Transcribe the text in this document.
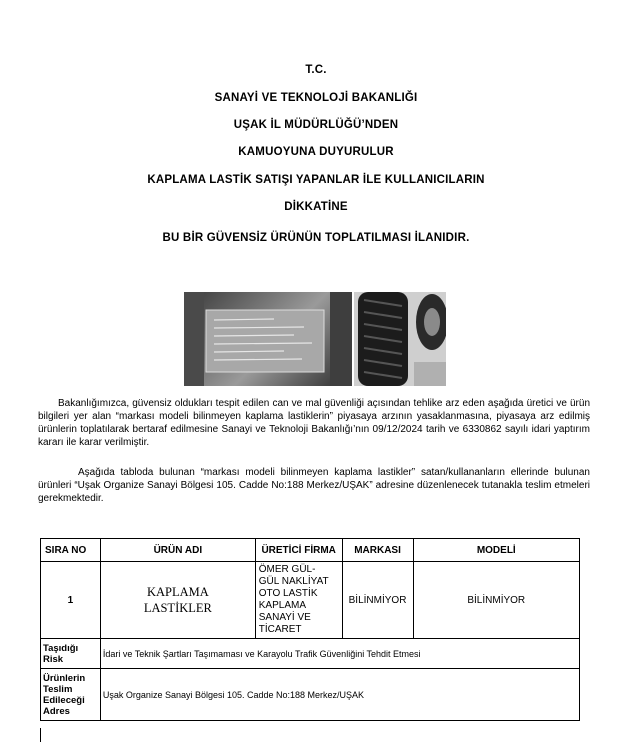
T.C.
SANAYİ VE TEKNOLOJİ BAKANLIĞI
UŞAK İL MÜDÜRLÜĞÜ’NDEN
KAMUOYUNA DUYURULUR
KAPLAMA LASTİK SATIŞI YAPANLAR İLE KULLANICILARIN
DİKKATİNE
BU BİR GÜVENSİZ ÜRÜNÜN TOPLATILMASI İLANIDIR.
Bakanlığımızca, güvensiz oldukları tespit edilen can ve mal güvenliği açısından tehlike arz eden aşağıda üretici ve ürün bilgileri yer alan “markası modeli bilinmeyen kaplama lastiklerin” piyasaya arzının yasaklanmasına, piyasaya arz edilmiş ürünlerin toplatılarak bertaraf edilmesine Sanayi ve Teknoloji Bakanlığı’nın 09/12/2024 tarih ve 6330862 sayılı idari yaptırım kararı ile karar verilmiştir.
Aşağıda tabloda bulunan “markası modeli bilinmeyen kaplama lastikler” satan/kullananların ellerinde bulunan ürünleri “Uşak Organize Sanayi Bölgesi 105. Cadde No:188 Merkez/UŞAK” adresine düzenlenecek tutanakla teslim etmeleri gerekmektedir.
SIRA NO	ÜRÜN ADI	ÜRETİCİ FİRMA	MARKASI	MODELİ
1	KAPLAMA LASTİKLER	ÖMER GÜL- GÜL NAKLİYAT OTO LASTİK KAPLAMA SANAYİ VE TİCARET	BİLİNMİYOR	BİLİNMİYOR
Taşıdığı Risk	İdari ve Teknik Şartları Taşımaması ve Karayolu Trafik Güvenliğini Tehdit Etmesi			
Ürünlerin Teslim Edileceği Adres	Uşak Organize Sanayi Bölgesi 105. Cadde No:188 Merkez/UŞAK			
